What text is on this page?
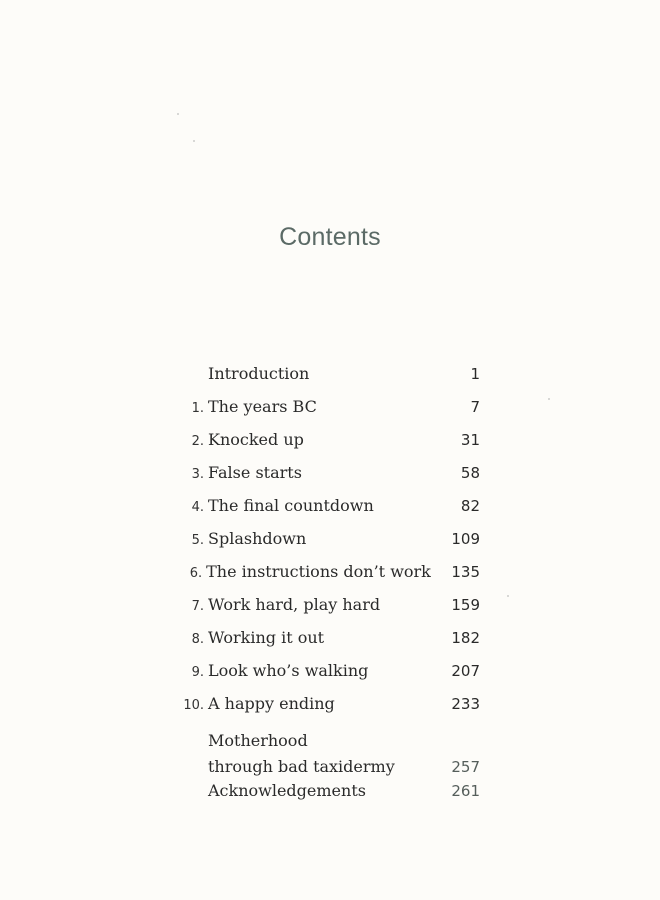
Contents
Introduction	1
1. The years BC	7
2. Knocked up	31
3. False starts	58
4. The final countdown	82
5. Splashdown	109
6. The instructions don’t work	135
7. Work hard, play hard	159
8. Working it out	182
9. Look who’s walking	207
10. A happy ending	233
Motherhood
through bad taxidermy	257
Acknowledgements	261
